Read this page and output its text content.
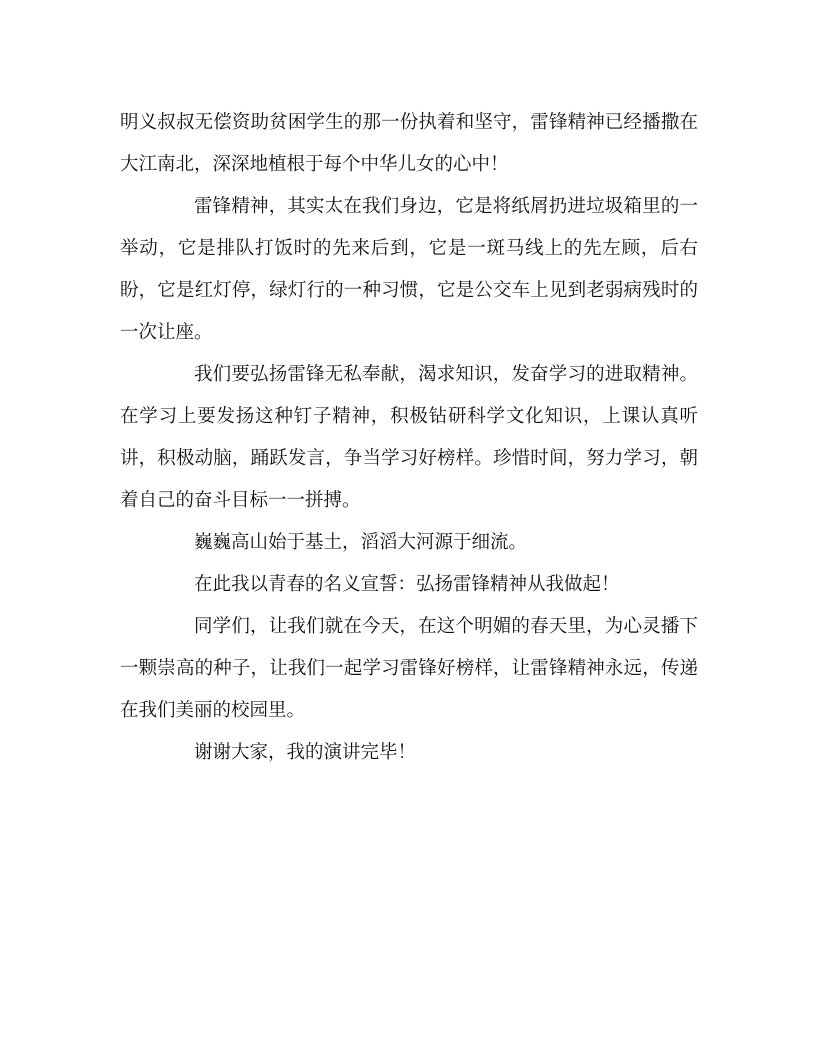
明义叔叔无偿资助贫困学生的那一份执着和坚守，雷锋精神已经播撒在大江南北，深深地植根于每个中华儿女的心中！

雷锋精神，其实太在我们身边，它是将纸屑扔进垃圾箱里的一举动，它是排队打饭时的先来后到，它是一斑马线上的先左顾，后右盼，它是红灯停，绿灯行的一种习惯，它是公交车上见到老弱病残时的一次让座。

我们要弘扬雷锋无私奉献，渴求知识，发奋学习的进取精神。在学习上要发扬这种钉子精神，积极钻研科学文化知识，上课认真听讲，积极动脑，踊跃发言，争当学习好榜样。珍惜时间，努力学习，朝着自己的奋斗目标一一拼搏。

巍巍高山始于基土，滔滔大河源于细流。

在此我以青春的名义宣誓：弘扬雷锋精神从我做起！

同学们，让我们就在今天，在这个明媚的春天里，为心灵播下一颗崇高的种子，让我们一起学习雷锋好榜样，让雷锋精神永远，传递在我们美丽的校园里。

谢谢大家，我的演讲完毕！
